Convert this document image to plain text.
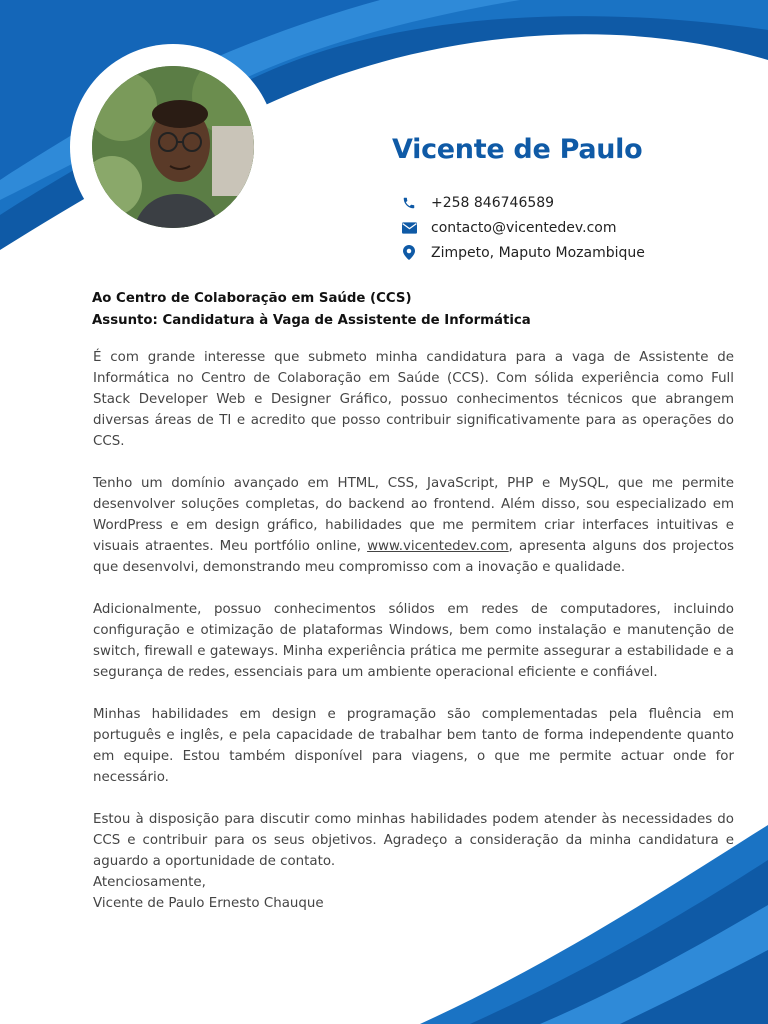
Vicente de Paulo
+258 846746589
contacto@vicentedev.com
Zimpeto, Maputo Mozambique
Ao Centro de Colaboração em Saúde (CCS)
Assunto: Candidatura à Vaga de Assistente de Informática

É com grande interesse que submeto minha candidatura para a vaga de Assistente de Informática no Centro de Colaboração em Saúde (CCS). Com sólida experiência como Full Stack Developer Web e Designer Gráfico, possuo conhecimentos técnicos que abrangem diversas áreas de TI e acredito que posso contribuir significativamente para as operações do CCS.

Tenho um domínio avançado em HTML, CSS, JavaScript, PHP e MySQL, que me permite desenvolver soluções completas, do backend ao frontend. Além disso, sou especializado em WordPress e em design gráfico, habilidades que me permitem criar interfaces intuitivas e visuais atraentes. Meu portfólio online, www.vicentedev.com, apresenta alguns dos projectos que desenvolvi, demonstrando meu compromisso com a inovação e qualidade.

Adicionalmente, possuo conhecimentos sólidos em redes de computadores, incluindo configuração e otimização de plataformas Windows, bem como instalação e manutenção de switch, firewall e gateways. Minha experiência prática me permite assegurar a estabilidade e a segurança de redes, essenciais para um ambiente operacional eficiente e confiável.

Minhas habilidades em design e programação são complementadas pela fluência em português e inglês, e pela capacidade de trabalhar bem tanto de forma independente quanto em equipe. Estou também disponível para viagens, o que me permite actuar onde for necessário.

Estou à disposição para discutir como minhas habilidades podem atender às necessidades do CCS e contribuir para os seus objetivos. Agradeço a consideração da minha candidatura e aguardo a oportunidade de contato.

Atenciosamente,
Vicente de Paulo Ernesto Chauque
